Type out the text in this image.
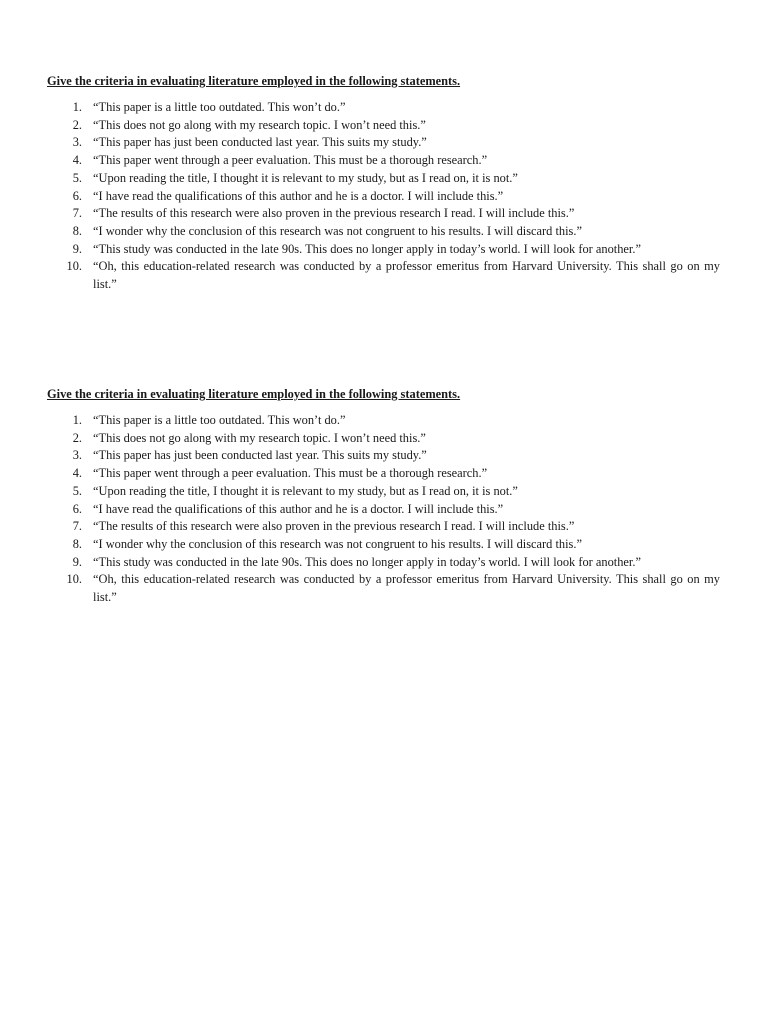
Give the criteria in evaluating literature employed in the following statements.

1. “This paper is a little too outdated. This won’t do.”
2. “This does not go along with my research topic. I won’t need this.”
3. “This paper has just been conducted last year. This suits my study.”
4. “This paper went through a peer evaluation. This must be a thorough research.”
5. “Upon reading the title, I thought it is relevant to my study, but as I read on, it is not.”
6. “I have read the qualifications of this author and he is a doctor. I will include this.”
7. “The results of this research were also proven in the previous research I read. I will include this.”
8. “I wonder why the conclusion of this research was not congruent to his results. I will discard this.”
9. “This study was conducted in the late 90s. This does no longer apply in today’s world. I will look for another.”
10. “Oh, this education-related research was conducted by a professor emeritus from Harvard University. This shall go on my list.”

Give the criteria in evaluating literature employed in the following statements.

1. “This paper is a little too outdated. This won’t do.”
2. “This does not go along with my research topic. I won’t need this.”
3. “This paper has just been conducted last year. This suits my study.”
4. “This paper went through a peer evaluation. This must be a thorough research.”
5. “Upon reading the title, I thought it is relevant to my study, but as I read on, it is not.”
6. “I have read the qualifications of this author and he is a doctor. I will include this.”
7. “The results of this research were also proven in the previous research I read. I will include this.”
8. “I wonder why the conclusion of this research was not congruent to his results. I will discard this.”
9. “This study was conducted in the late 90s. This does no longer apply in today’s world. I will look for another.”
10. “Oh, this education-related research was conducted by a professor emeritus from Harvard University. This shall go on my list.”
